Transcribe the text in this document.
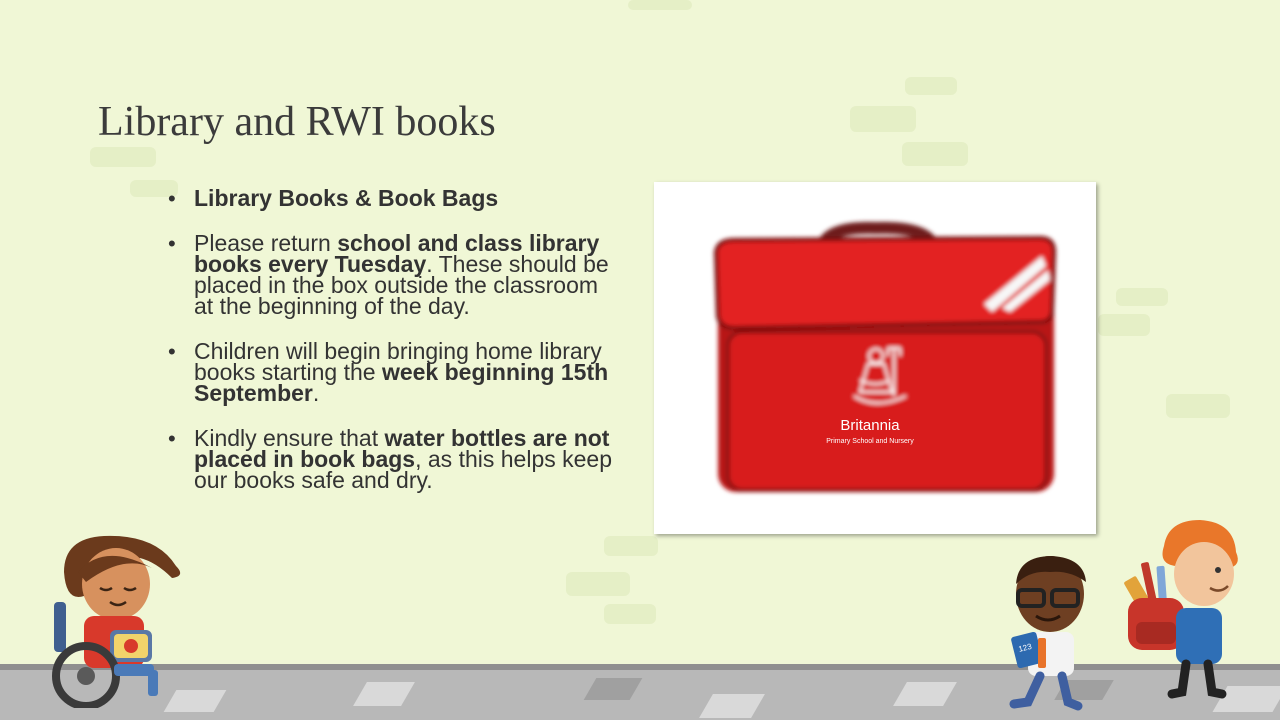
Library and RWI books
• Library Books & Book Bags
• Please return school and class library books every Tuesday. These should be placed in the box outside the classroom at the beginning of the day.
• Children will begin bringing home library books starting the week beginning 15th September.
• Kindly ensure that water bottles are not placed in book bags, as this helps keep our books safe and dry.
Britannia
Primary School and Nursery
123
